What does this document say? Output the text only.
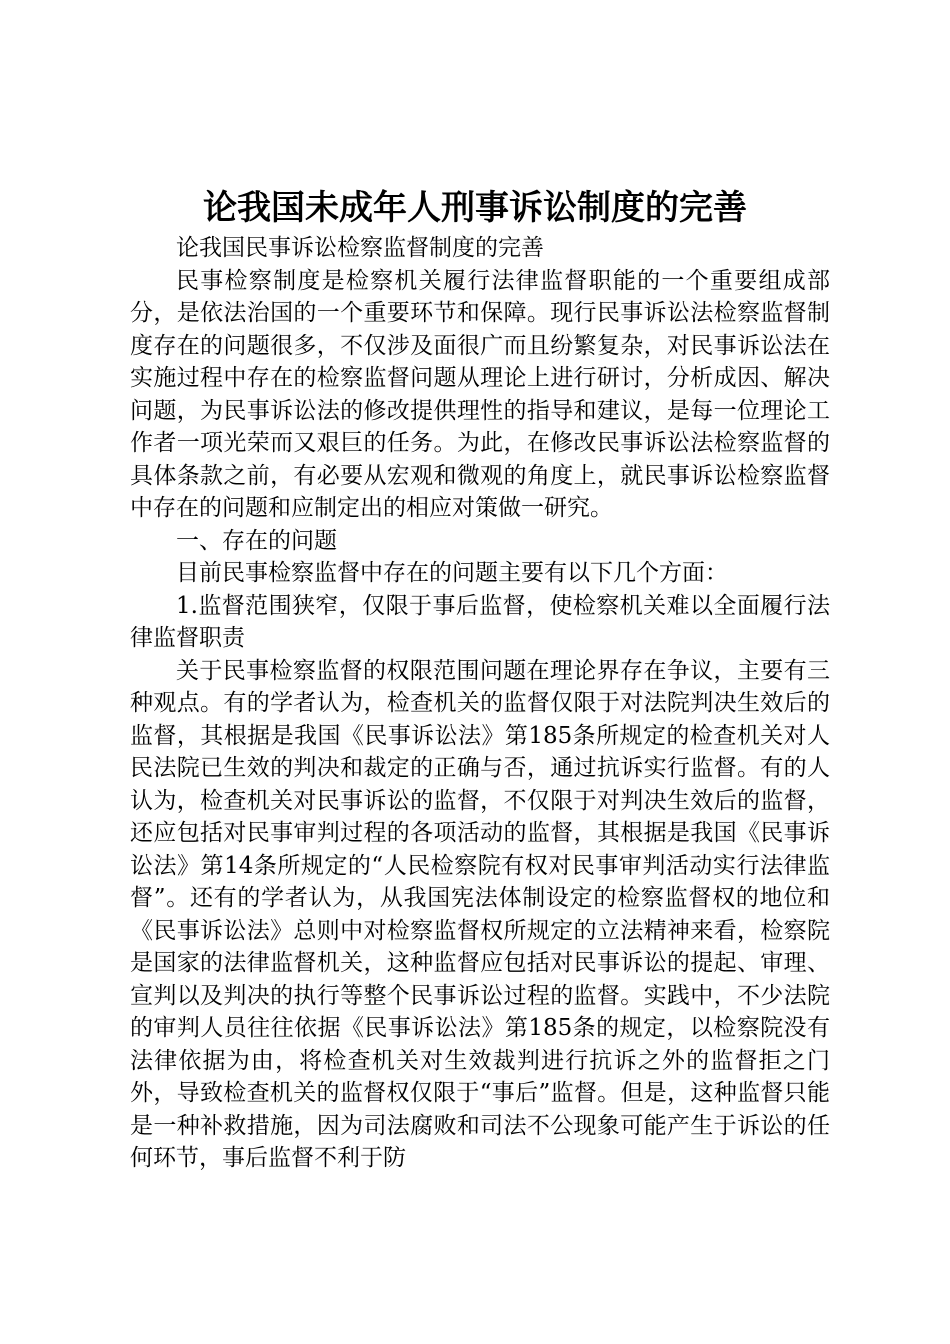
论我国未成年人刑事诉讼制度的完善

论我国民事诉讼检察监督制度的完善

民事检察制度是检察机关履行法律监督职能的一个重要组成部分，是依法治国的一个重要环节和保障。现行民事诉讼法检察监督制度存在的问题很多，不仅涉及面很广而且纷繁复杂，对民事诉讼法在实施过程中存在的检察监督问题从理论上进行研讨，分析成因、解决问题，为民事诉讼法的修改提供理性的指导和建议，是每一位理论工作者一项光荣而又艰巨的任务。为此，在修改民事诉讼法检察监督的具体条款之前，有必要从宏观和微观的角度上，就民事诉讼检察监督中存在的问题和应制定出的相应对策做一研究。

一、存在的问题

目前民事检察监督中存在的问题主要有以下几个方面：

1.监督范围狭窄，仅限于事后监督，使检察机关难以全面履行法律监督职责

关于民事检察监督的权限范围问题在理论界存在争议，主要有三种观点。有的学者认为，检查机关的监督仅限于对法院判决生效后的监督，其根据是我国《民事诉讼法》第185条所规定的检查机关对人民法院已生效的判决和裁定的正确与否，通过抗诉实行监督。有的人认为，检查机关对民事诉讼的监督，不仅限于对判决生效后的监督，还应包括对民事审判过程的各项活动的监督，其根据是我国《民事诉讼法》第14条所规定的“人民检察院有权对民事审判活动实行法律监督”。还有的学者认为，从我国宪法体制设定的检察监督权的地位和《民事诉讼法》总则中对检察监督权所规定的立法精神来看，检察院是国家的法律监督机关，这种监督应包括对民事诉讼的提起、审理、宣判以及判决的执行等整个民事诉讼过程的监督。实践中，不少法院的审判人员往往依据《民事诉讼法》第185条的规定，以检察院没有法律依据为由，将检查机关对生效裁判进行抗诉之外的监督拒之门外，导致检查机关的监督权仅限于“事后”监督。但是，这种监督只能是一种补救措施，因为司法腐败和司法不公现象可能产生于诉讼的任何环节，事后监督不利于防
